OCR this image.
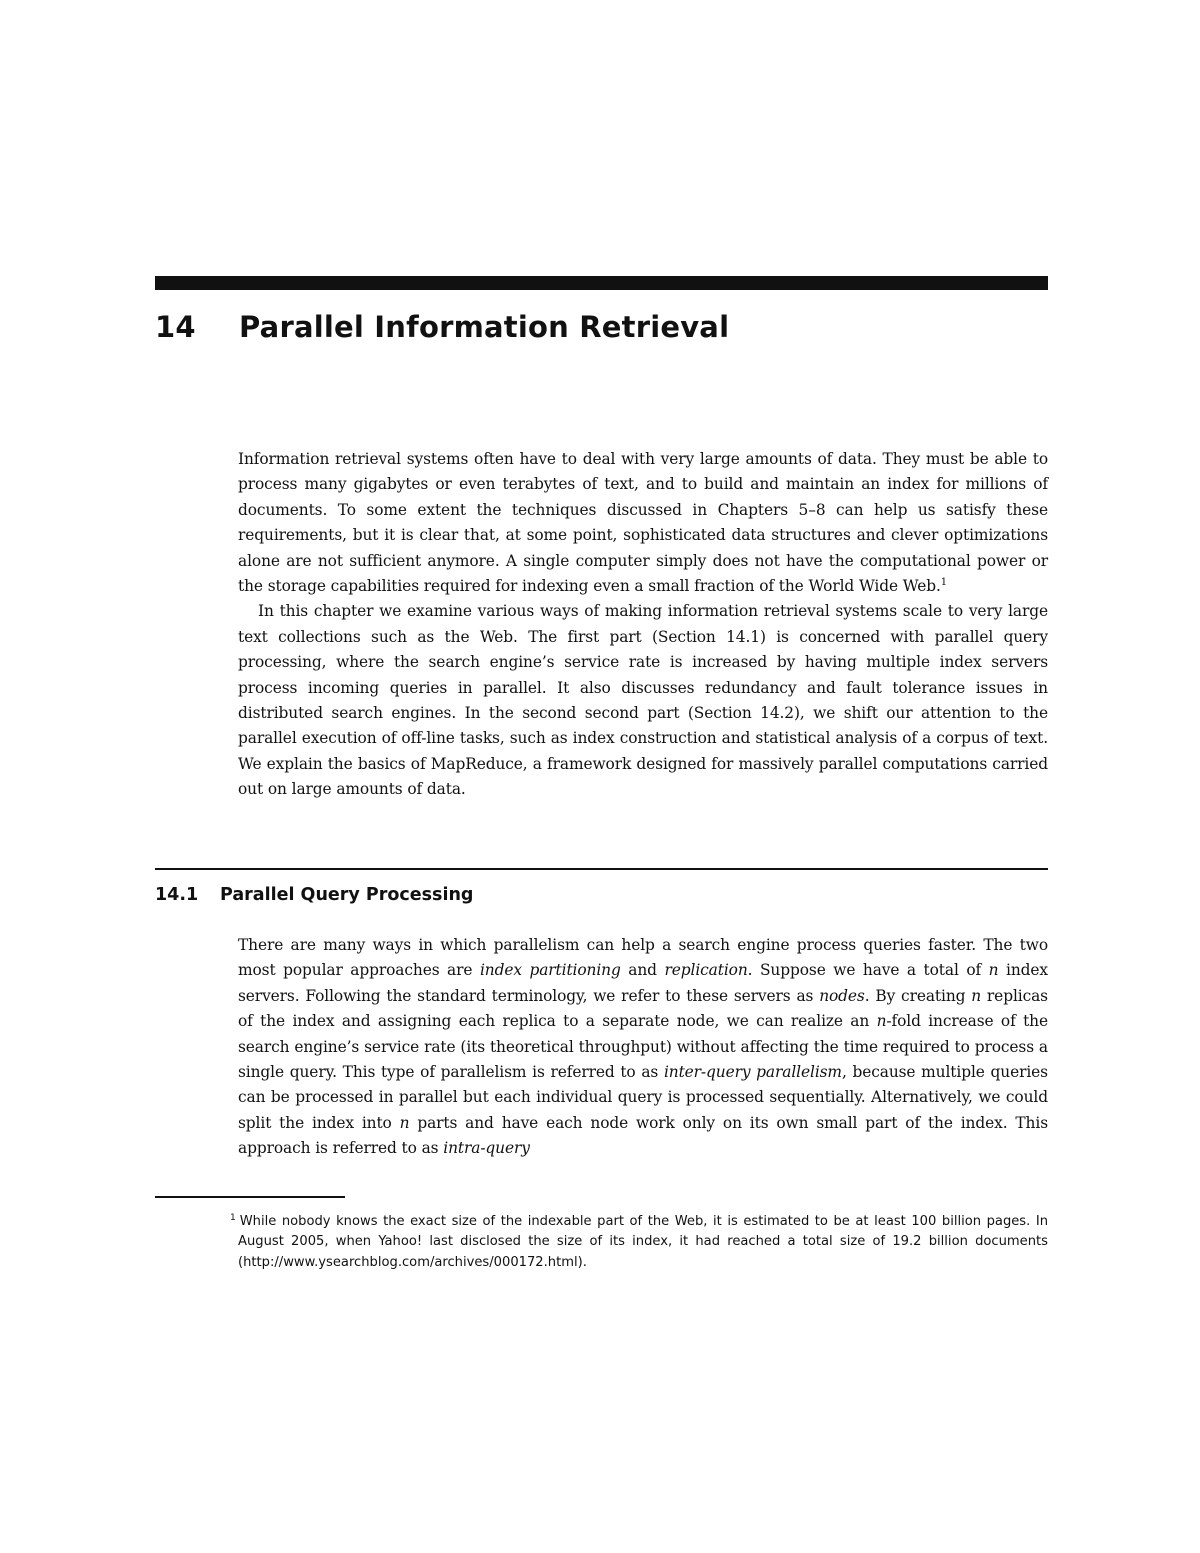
14 Parallel Information Retrieval

Information retrieval systems often have to deal with very large amounts of data. They must be able to process many gigabytes or even terabytes of text, and to build and maintain an index for millions of documents. To some extent the techniques discussed in Chapters 5–8 can help us satisfy these requirements, but it is clear that, at some point, sophisticated data structures and clever optimizations alone are not sufficient anymore. A single computer simply does not have the computational power or the storage capabilities required for indexing even a small fraction of the World Wide Web.$^1$

In this chapter we examine various ways of making information retrieval systems scale to very large text collections such as the Web. The first part (Section 14.1) is concerned with parallel query processing, where the search engine’s service rate is increased by having multiple index servers process incoming queries in parallel. It also discusses redundancy and fault tolerance issues in distributed search engines. In the second second part (Section 14.2), we shift our attention to the parallel execution of off-line tasks, such as index construction and statistical analysis of a corpus of text. We explain the basics of MapReduce, a framework designed for massively parallel computations carried out on large amounts of data.

14.1 Parallel Query Processing

There are many ways in which parallelism can help a search engine process queries faster. The two most popular approaches are index partitioning and replication. Suppose we have a total of n index servers. Following the standard terminology, we refer to these servers as nodes. By creating n replicas of the index and assigning each replica to a separate node, we can realize an n-fold increase of the search engine’s service rate (its theoretical throughput) without affecting the time required to process a single query. This type of parallelism is referred to as inter-query parallelism, because multiple queries can be processed in parallel but each individual query is processed sequentially. Alternatively, we could split the index into n parts and have each node work only on its own small part of the index. This approach is referred to as intra-query

$^1$ While nobody knows the exact size of the indexable part of the Web, it is estimated to be at least 100 billion pages. In August 2005, when Yahoo! last disclosed the size of its index, it had reached a total size of 19.2 billion documents (http://www.ysearchblog.com/archives/000172.html).
